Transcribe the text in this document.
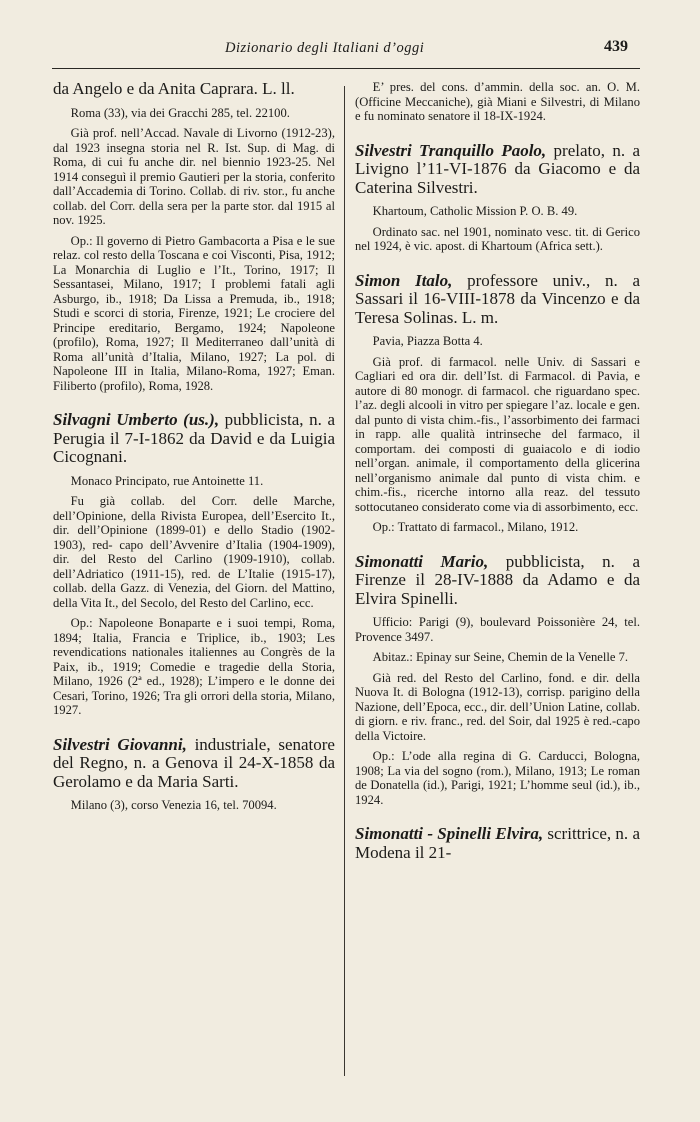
Dizionario degli Italiani d’oggi	439

da Angelo e da Anita Caprara. L. ll.

Roma (33), via dei Gracchi 285, tel. 22100.

Già prof. nell’Accad. Navale di Livorno (1912-23), dal 1923 insegna storia nel R. Ist. Sup. di Mag. di Roma, di cui fu anche dir. nel biennio 1923-25. Nel 1914 conseguì il premio Gautieri per la storia, conferito dall’Accademia di Torino. Collab. di riv. stor., fu anche collab. del Corr. della sera per la parte stor. dal 1915 al nov. 1925.

Op.: Il governo di Pietro Gambacorta a Pisa e le sue relaz. col resto della Toscana e coi Visconti, Pisa, 1912; La Monarchia di Luglio e l’It., Torino, 1917; Il Sessantasei, Milano, 1917; I problemi fatali agli Asburgo, ib., 1918; Da Lissa a Premuda, ib., 1918; Studi e scorci di storia, Firenze, 1921; Le crociere del Principe ereditario, Bergamo, 1924; Napoleone (profilo), Roma, 1927; Il Mediterraneo dall’unità di Roma all’unità d’Italia, Milano, 1927; La pol. di Napoleone III in Italia, Milano-Roma, 1927; Eman. Filiberto (profilo), Roma, 1928.

Silvagni Umberto (us.), pubblicista, n. a Perugia il 7-I-1862 da David e da Luigia Cicognani.

Monaco Principato, rue Antoinette 11.

Fu già collab. del Corr. delle Marche, dell’Opinione, della Rivista Europea, dell’Esercito It., dir. dell’Opinione (1899-01) e dello Stadio (1902-1903), red- capo dell’Avvenire d’Italia (1904-1909), dir. del Resto del Carlino (1909-1910), collab. dell’Adriatico (1911-15), red. de L’Italie (1915-17), collab. della Gazz. di Venezia, del Giorn. del Mattino, della Vita It., del Secolo, del Resto del Carlino, ecc.

Op.: Napoleone Bonaparte e i suoi tempi, Roma, 1894; Italia, Francia e Triplice, ib., 1903; Les revendications nationales italiennes au Congrès de la Paix, ib., 1919; Comedie e tragedie della Storia, Milano, 1926 (2ª ed., 1928); L’impero e le donne dei Cesari, Torino, 1926; Tra gli orrori della storia, Milano, 1927.

Silvestri Giovanni, industriale, senatore del Regno, n. a Genova il 24-X-1858 da Gerolamo e da Maria Sarti.

Milano (3), corso Venezia 16, tel. 70094.

E’ pres. del cons. d’ammin. della soc. an. O. M. (Officine Meccaniche), già Miani e Silvestri, di Milano e fu nominato senatore il 18-IX-1924.

Silvestri Tranquillo Paolo, prelato, n. a Livigno l’11-VI-1876 da Giacomo e da Caterina Silvestri.

Khartoum, Catholic Mission P. O. B. 49.

Ordinato sac. nel 1901, nominato vesc. tit. di Gerico nel 1924, è vic. apost. di Khartoum (Africa sett.).

Simon Italo, professore univ., n. a Sassari il 16-VIII-1878 da Vincenzo e da Teresa Solinas. L. m.

Pavia, Piazza Botta 4.

Già prof. di farmacol. nelle Univ. di Sassari e Cagliari ed ora dir. dell’Ist. di Farmacol. di Pavia, e autore di 80 monogr. di farmacol. che riguardano spec. l’az. degli alcooli in vitro per spiegare l’az. locale e gen. dal punto di vista chim.-fis., l’assorbimento dei farmaci in rapp. alle qualità intrinseche del farmaco, il comportam. dei composti di guaiacolo e di iodio nell’organ. animale, il comportamento della glicerina nell’organismo animale dal punto di vista chim. e chim.-fis., ricerche intorno alla reaz. del tessuto sottocutaneo considerato come via di assorbimento, ecc.

Op.: Trattato di farmacol., Milano, 1912.

Simonatti Mario, pubblicista, n. a Firenze il 28-IV-1888 da Adamo e da Elvira Spinelli.

Ufficio: Parigi (9), boulevard Poissonière 24, tel. Provence 3497.

Abitaz.: Epinay sur Seine, Chemin de la Venelle 7.

Già red. del Resto del Carlino, fond. e dir. della Nuova It. di Bologna (1912-13), corrisp. parigino della Nazione, dell’Epoca, ecc., dir. dell’Union Latine, collab. di giorn. e riv. franc., red. del Soir, dal 1925 è red.-capo della Victoire.

Op.: L’ode alla regina di G. Carducci, Bologna, 1908; La via del sogno (rom.), Milano, 1913; Le roman de Donatella (id.), Parigi, 1921; L’homme seul (id.), ib., 1924.

Simonatti - Spinelli Elvira, scrittrice, n. a Modena il 21-
